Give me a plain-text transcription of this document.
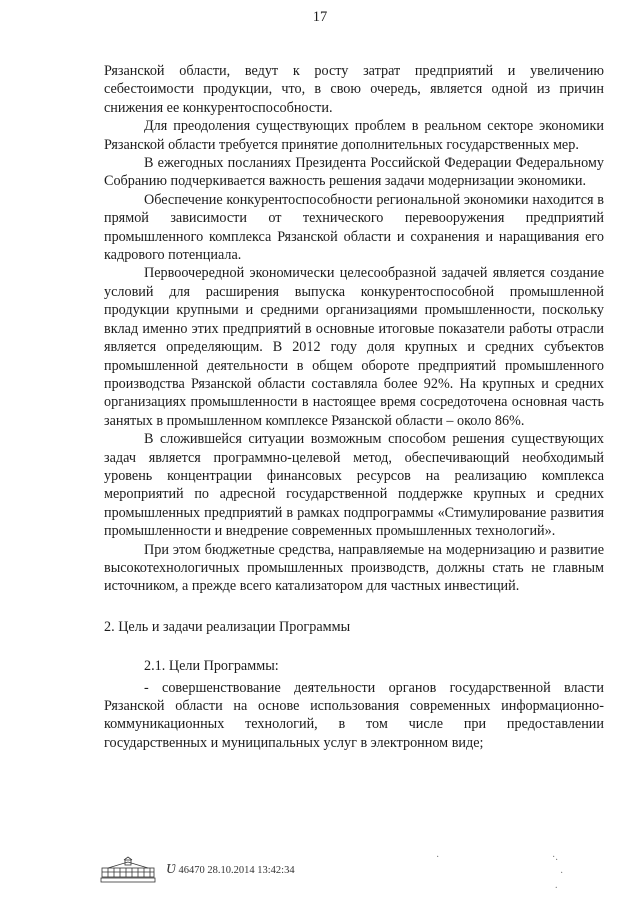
17

Рязанской области, ведут к росту затрат предприятий и увеличению себестоимости продукции, что, в свою очередь, является одной из причин снижения ее конкурентоспособности.

Для преодоления существующих проблем в реальном секторе экономики Рязанской области требуется принятие дополнительных государственных мер.

В ежегодных посланиях Президента Российской Федерации Федеральному Собранию подчеркивается важность решения задачи модернизации экономики.

Обеспечение конкурентоспособности региональной экономики находится в прямой зависимости от технического перевооружения предприятий промышленного комплекса Рязанской области и сохранения и наращивания его кадрового потенциала.

Первоочередной экономически целесообразной задачей является создание условий для расширения выпуска конкурентоспособной промышленной продукции крупными и средними организациями промышленности, поскольку вклад именно этих предприятий в основные итоговые показатели работы отрасли является определяющим. В 2012 году доля крупных и средних субъектов промышленной деятельности в общем обороте предприятий промышленного производства Рязанской области составляла более 92%. На крупных и средних организациях промышленности в настоящее время сосредоточена основная часть занятых в промышленном комплексе Рязанской области – около 86%.

В сложившейся ситуации возможным способом решения существующих задач является программно-целевой метод, обеспечивающий необходимый уровень концентрации финансовых ресурсов на реализацию комплекса мероприятий по адресной государственной поддержке крупных и средних промышленных предприятий в рамках подпрограммы «Стимулирование развития промышленности и внедрение современных промышленных технологий».

При этом бюджетные средства, направляемые на модернизацию и развитие высокотехнологичных промышленных производств, должны стать не главным источником, а прежде всего катализатором для частных инвестиций.

2. Цель и задачи реализации Программы

2.1. Цели Программы:

- совершенствование деятельности органов государственной власти Рязанской области на основе использования современных информационно-коммуникационных технологий, в том числе при предоставлении государственных и муниципальных услуг в электронном виде;

Ʋ 46470 28.10.2014 13:42:34
·	·.
·
.
